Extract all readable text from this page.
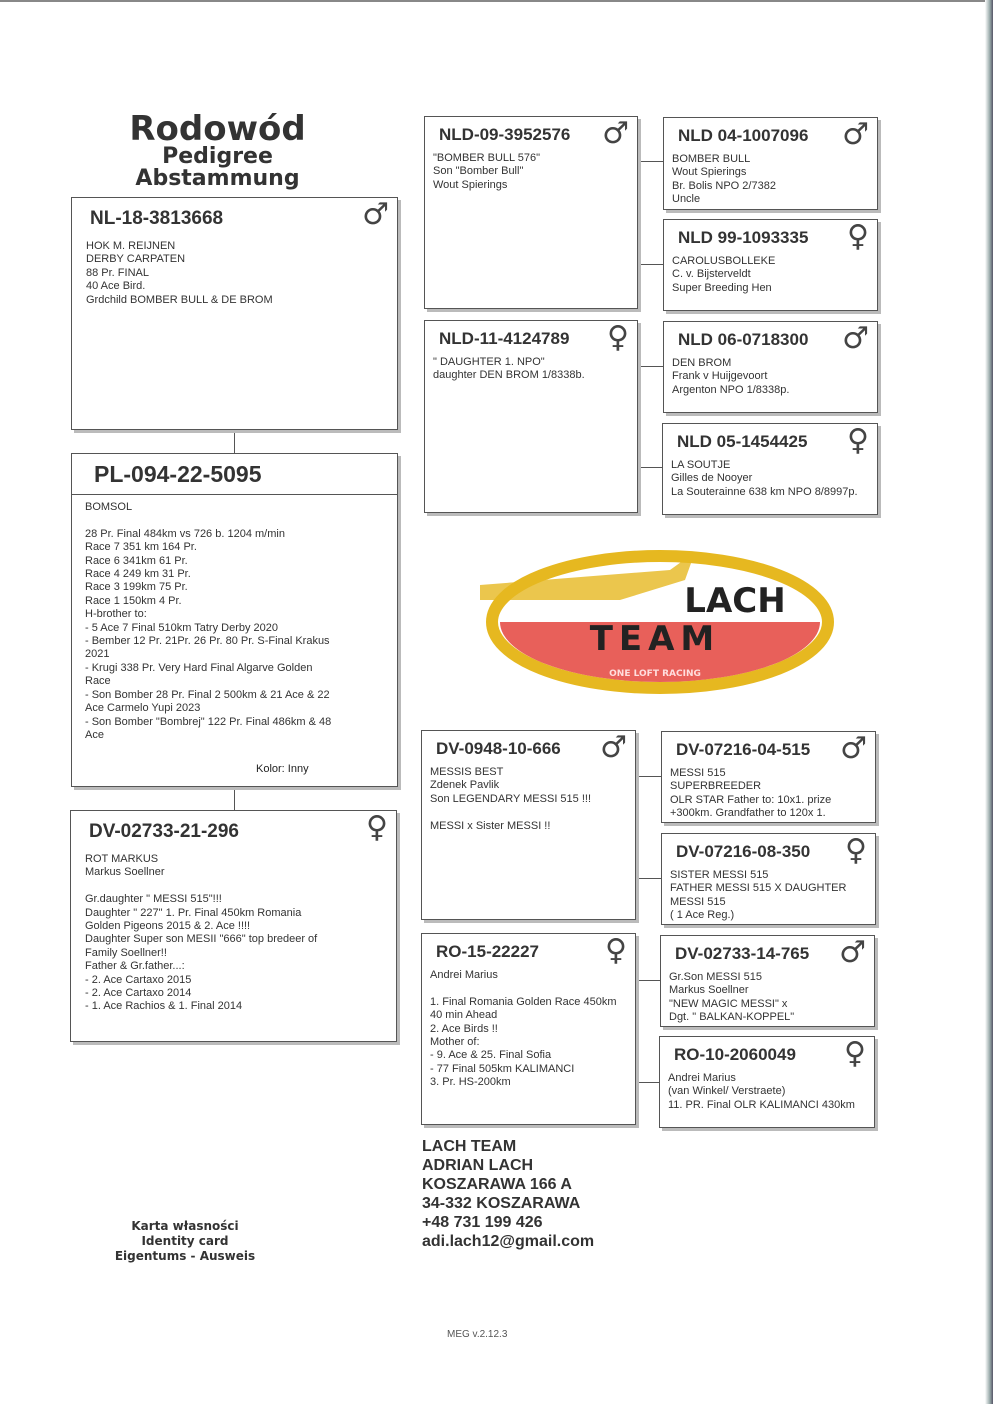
Rodowód
Pedigree
Abstammung
PL-094-22-5095
BOMSOL

28 Pr. Final 484km vs 726 b. 1204 m/min
Race 7 351 km 164 Pr.
Race 6 341km 61 Pr.
Race 4 249 km 31 Pr.
Race 3 199km 75 Pr.
Race 1 150km 4 Pr.
H-brother to:
- 5 Ace 7 Final 510km Tatry Derby 2020
- Bember 12 Pr. 21Pr. 26 Pr. 80 Pr. S-Final Krakus
2021
- Krugi 338 Pr. Very Hard Final Algarve Golden
Race
- Son Bomber 28 Pr. Final 2 500km & 21 Ace & 22
Ace Carmelo Yupi 2023
- Son Bomber "Bombrej" 122 Pr. Final 486km & 48
Ace
Kolor: Inny
NL-18-3813668	♂
HOK M. REIJNEN
DERBY CARPATEN
88 Pr. FINAL
40 Ace Bird.
Grdchild BOMBER BULL & DE BROM
DV-02733-21-296	♀
ROT MARKUS
Markus Soellner

Gr.daughter " MESSI 515"!!!
Daughter " 227" 1. Pr. Final 450km Romania
Golden Pigeons 2015 & 2. Ace !!!!
Daughter Super son MESII "666" top bredeer of
Family Soellner!!
Father & Gr.father...:
- 2. Ace Cartaxo 2015
- 2. Ace Cartaxo 2014
- 1. Ace Rachios & 1. Final 2014
NLD-09-3952576 ♂
"BOMBER BULL 576"
Son "Bomber Bull"
Wout Spierings
NLD-11-4124789 ♀
" DAUGHTER 1. NPO"
daughter DEN BROM 1/8338b.
DV-0948-10-666 ♂
MESSIS BEST
Zdenek Pavlik
Son LEGENDARY MESSI 515 !!!

MESSI x Sister MESSI !!
RO-15-22227 ♀
Andrei Marius

1. Final Romania Golden Race 450km
40 min Ahead
2. Ace Birds !!
Mother of:
- 9. Ace & 25. Final Sofia
- 77 Final 505km KALIMANCI
3. Pr. HS-200km
NLD 04-1007096 ♂
BOMBER BULL
Wout Spierings
Br. Bolis NPO 2/7382
Uncle
NLD 99-1093335 ♀
CAROLUSBOLLEKE
C. v. Bijsterveldt
Super Breeding Hen
NLD 06-0718300 ♂
DEN BROM
Frank v Huijgevoort
Argenton NPO 1/8338p.
NLD 05-1454425 ♀
LA SOUTJE
Gilles de Nooyer
La Souterainne 638 km NPO 8/8997p.
DV-07216-04-515 ♂
MESSI 515
SUPERBREEDER
OLR STAR Father to: 10x1. prize
+300km. Grandfather to 120x 1.
DV-07216-08-350 ♀
SISTER MESSI 515
FATHER MESSI 515 X DAUGHTER
MESSI 515
( 1 Ace Reg.)
DV-02733-14-765 ♂
Gr.Son MESSI 515
Markus Soellner
"NEW MAGIC MESSI" x
Dgt. " BALKAN-KOPPEL"
RO-10-2060049 ♀
Andrei Marius
(van Winkel/ Verstraete)
11. PR. Final OLR KALIMANCI 430km
LACH
TEAM
ONE LOFT RACING
LACH TEAM
ADRIAN LACH
KOSZARAWA 166 A
34-332 KOSZARAWA
+48 731 199 426
adi.lach12@gmail.com
Karta własności
Identity card
Eigentums - Ausweis
MEG v.2.12.3
